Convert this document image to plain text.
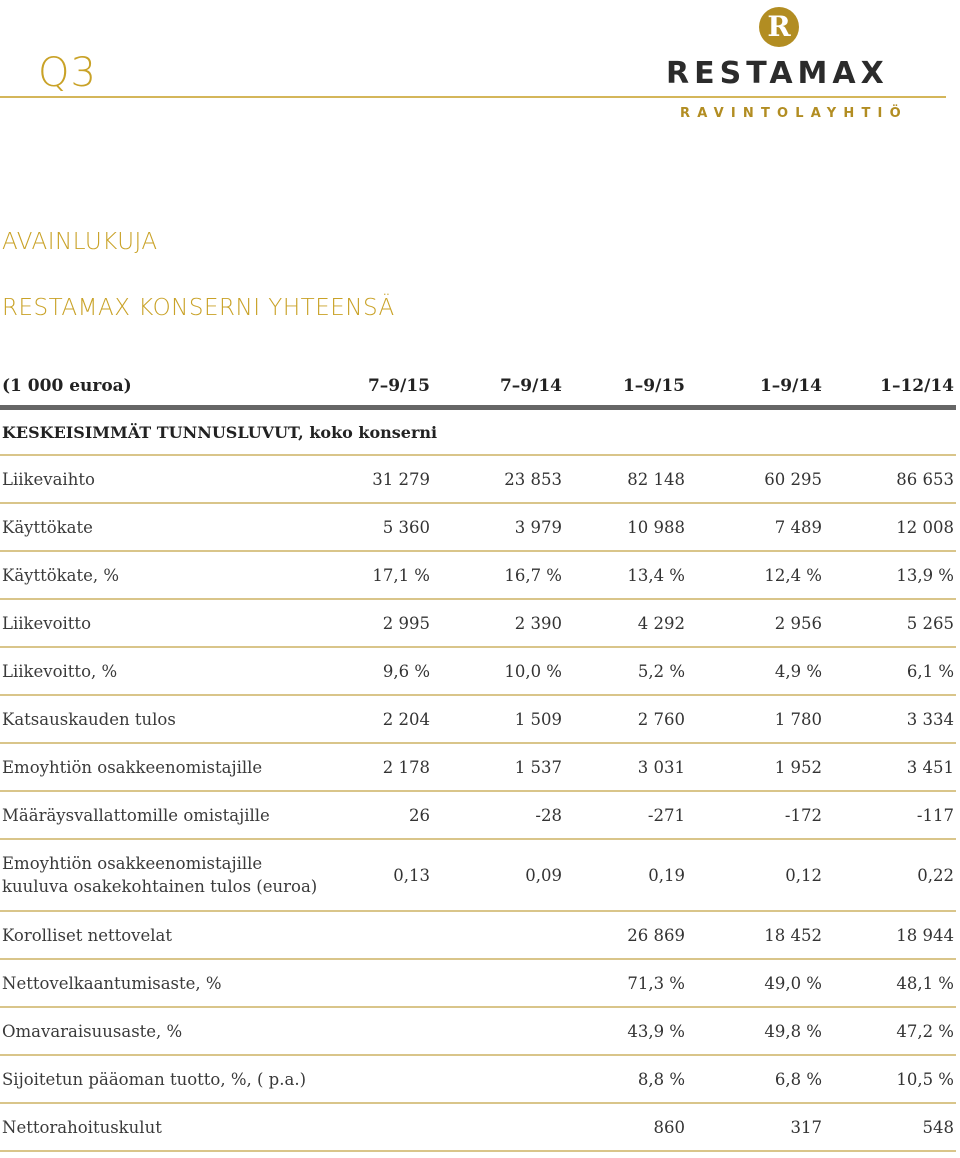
Q3
R
RESTAMAX
RAVINTOLAYHTIÖ
AVAINLUKUJA
RESTAMAX KONSERNI YHTEENSÄ
(1 000 euroa)	7–9/15	7–9/14	1–9/15	1–9/14	1–12/14
KESKEISIMMÄT TUNNUSLUVUT, koko konserni					
Liikevaihto	31 279	23 853	82 148	60 295	86 653
Käyttökate	5 360	3 979	10 988	7 489	12 008
Käyttökate, %	17,1 %	16,7 %	13,4 %	12,4 %	13,9 %
Liikevoitto	2 995	2 390	4 292	2 956	5 265
Liikevoitto, %	9,6 %	10,0 %	5,2 %	4,9 %	6,1 %
Katsauskauden tulos	2 204	1 509	2 760	1 780	3 334
Emoyhtiön osakkeenomistajille	2 178	1 537	3 031	1 952	3 451
Määräysvallattomille omistajille	26	-28	-271	-172	-117

Emoyhtiön osakkeenomistajille
kuuluva osakekohtainen tulos (euroa)	0,13	0,09	0,19	0,12	0,22
Korolliset nettovelat			26 869	18 452	18 944
Nettovelkaantumisaste, %			71,3 %	49,0 %	48,1 %
Omavaraisuusaste, %			43,9 %	49,8 %	47,2 %
Sijoitetun pääoman tuotto, %, ( p.a.)			8,8 %	6,8 %	10,5 %
Nettorahoituskulut			860	317	548
